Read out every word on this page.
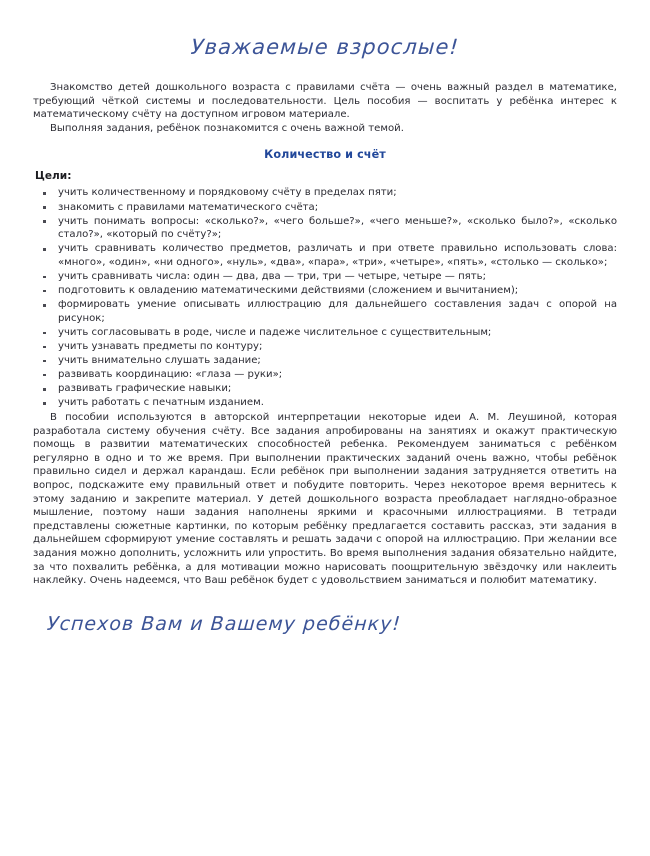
Уважаемые взрослые!

Знакомство детей дошкольного возраста с правилами счёта — очень важный раздел в математике, требующий чёткой системы и последовательности. Цель пособия — воспитать у ребёнка интерес к математическому счёту на доступном игровом материале.

Выполняя задания, ребёнок познакомится с очень важной темой.

Количество и счёт
Цели:
учить количественному и порядковому счёту в пределах пяти;
знакомить с правилами математического счёта;
учить понимать вопросы: «сколько?», «чего больше?», «чего меньше?», «сколько было?», «сколько стало?», «который по счёту?»;
учить сравнивать количество предметов, различать и при ответе правильно использовать слова: «много», «один», «ни одного», «нуль», «два», «пара», «три», «четыре», «пять», «столько — сколько»;
учить сравнивать числа: один — два, два — три, три — четыре, четыре — пять;
подготовить к овладению математическими действиями (сложением и вычитанием);
формировать умение описывать иллюстрацию для дальнейшего составления задач с опорой на рисунок;
учить согласовывать в роде, числе и падеже числительное с существительным;
учить узнавать предметы по контуру;
учить внимательно слушать задание;
развивать координацию: «глаза — руки»;
развивать графические навыки;
учить работать с печатным изданием.

В пособии используются в авторской интерпретации некоторые идеи А. М. Леушиной, которая разработала систему обучения счёту. Все задания апробированы на занятиях и окажут практическую помощь в развитии математических способностей ребенка. Рекомендуем заниматься с ребёнком регулярно в одно и то же время. При выполнении практических заданий очень важно, чтобы ребёнок правильно сидел и держал карандаш. Если ребёнок при выполнении задания затрудняется ответить на вопрос, подскажите ему правильный ответ и побудите повторить. Через некоторое время вернитесь к этому заданию и закрепите материал. У детей дошкольного возраста преобладает наглядно-образное мышление, поэтому наши задания наполнены яркими и красочными иллюстрациями. В тетради представлены сюжетные картинки, по которым ребёнку предлагается составить рассказ, эти задания в дальнейшем сформируют умение составлять и решать задачи с опорой на иллюстрацию. При желании все задания можно дополнить, усложнить или упростить. Во время выполнения задания обязательно найдите, за что похвалить ребёнка, а для мотивации можно нарисовать поощрительную звёздочку или наклеить наклейку. Очень надеемся, что Ваш ребёнок будет с удовольствием заниматься и полюбит математику.

Успехов Вам и Вашему ребёнку!
